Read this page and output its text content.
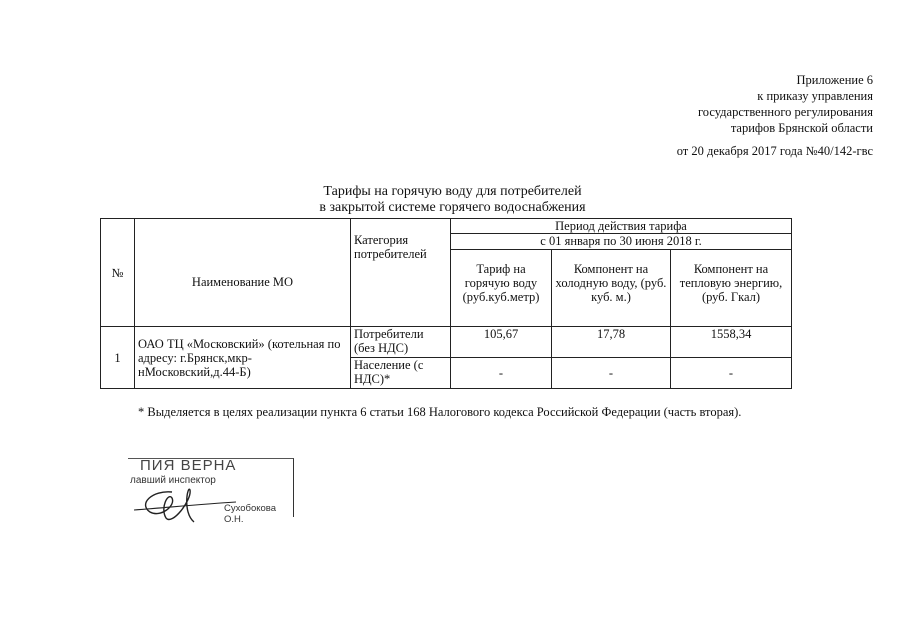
Приложение 6
к приказу управления
государственного регулирования
тарифов Брянской области
от 20 декабря 2017 года №40/142-гвс
Тарифы на горячую воду для потребителей
в закрытой системе горячего водоснабжения
№	Наименование МО	Категория потребителей	Период действия тарифа		
			с 01 января по 30 июня 2018 г.		
			Тариф на горячую воду (руб.куб.метр)	Компонент на холодную воду, (руб. куб. м.)	Компонент на тепловую энергию, (руб. Гкал)
1	ОАО ТЦ «Московский» (котельная по адресу: г.Брянск,мкр-нМосковский,д.44-Б)	Потребители (без НДС)	105,67	17,78	1558,34
		Население (с НДС)*	-	-	-
* Выделяется в целях реализации пункта 6 статьи 168 Налогового кодекса Российской Федерации (часть вторая).
ПИЯ ВЕРНА
лавший инспектор
Сухобокова О.Н.
